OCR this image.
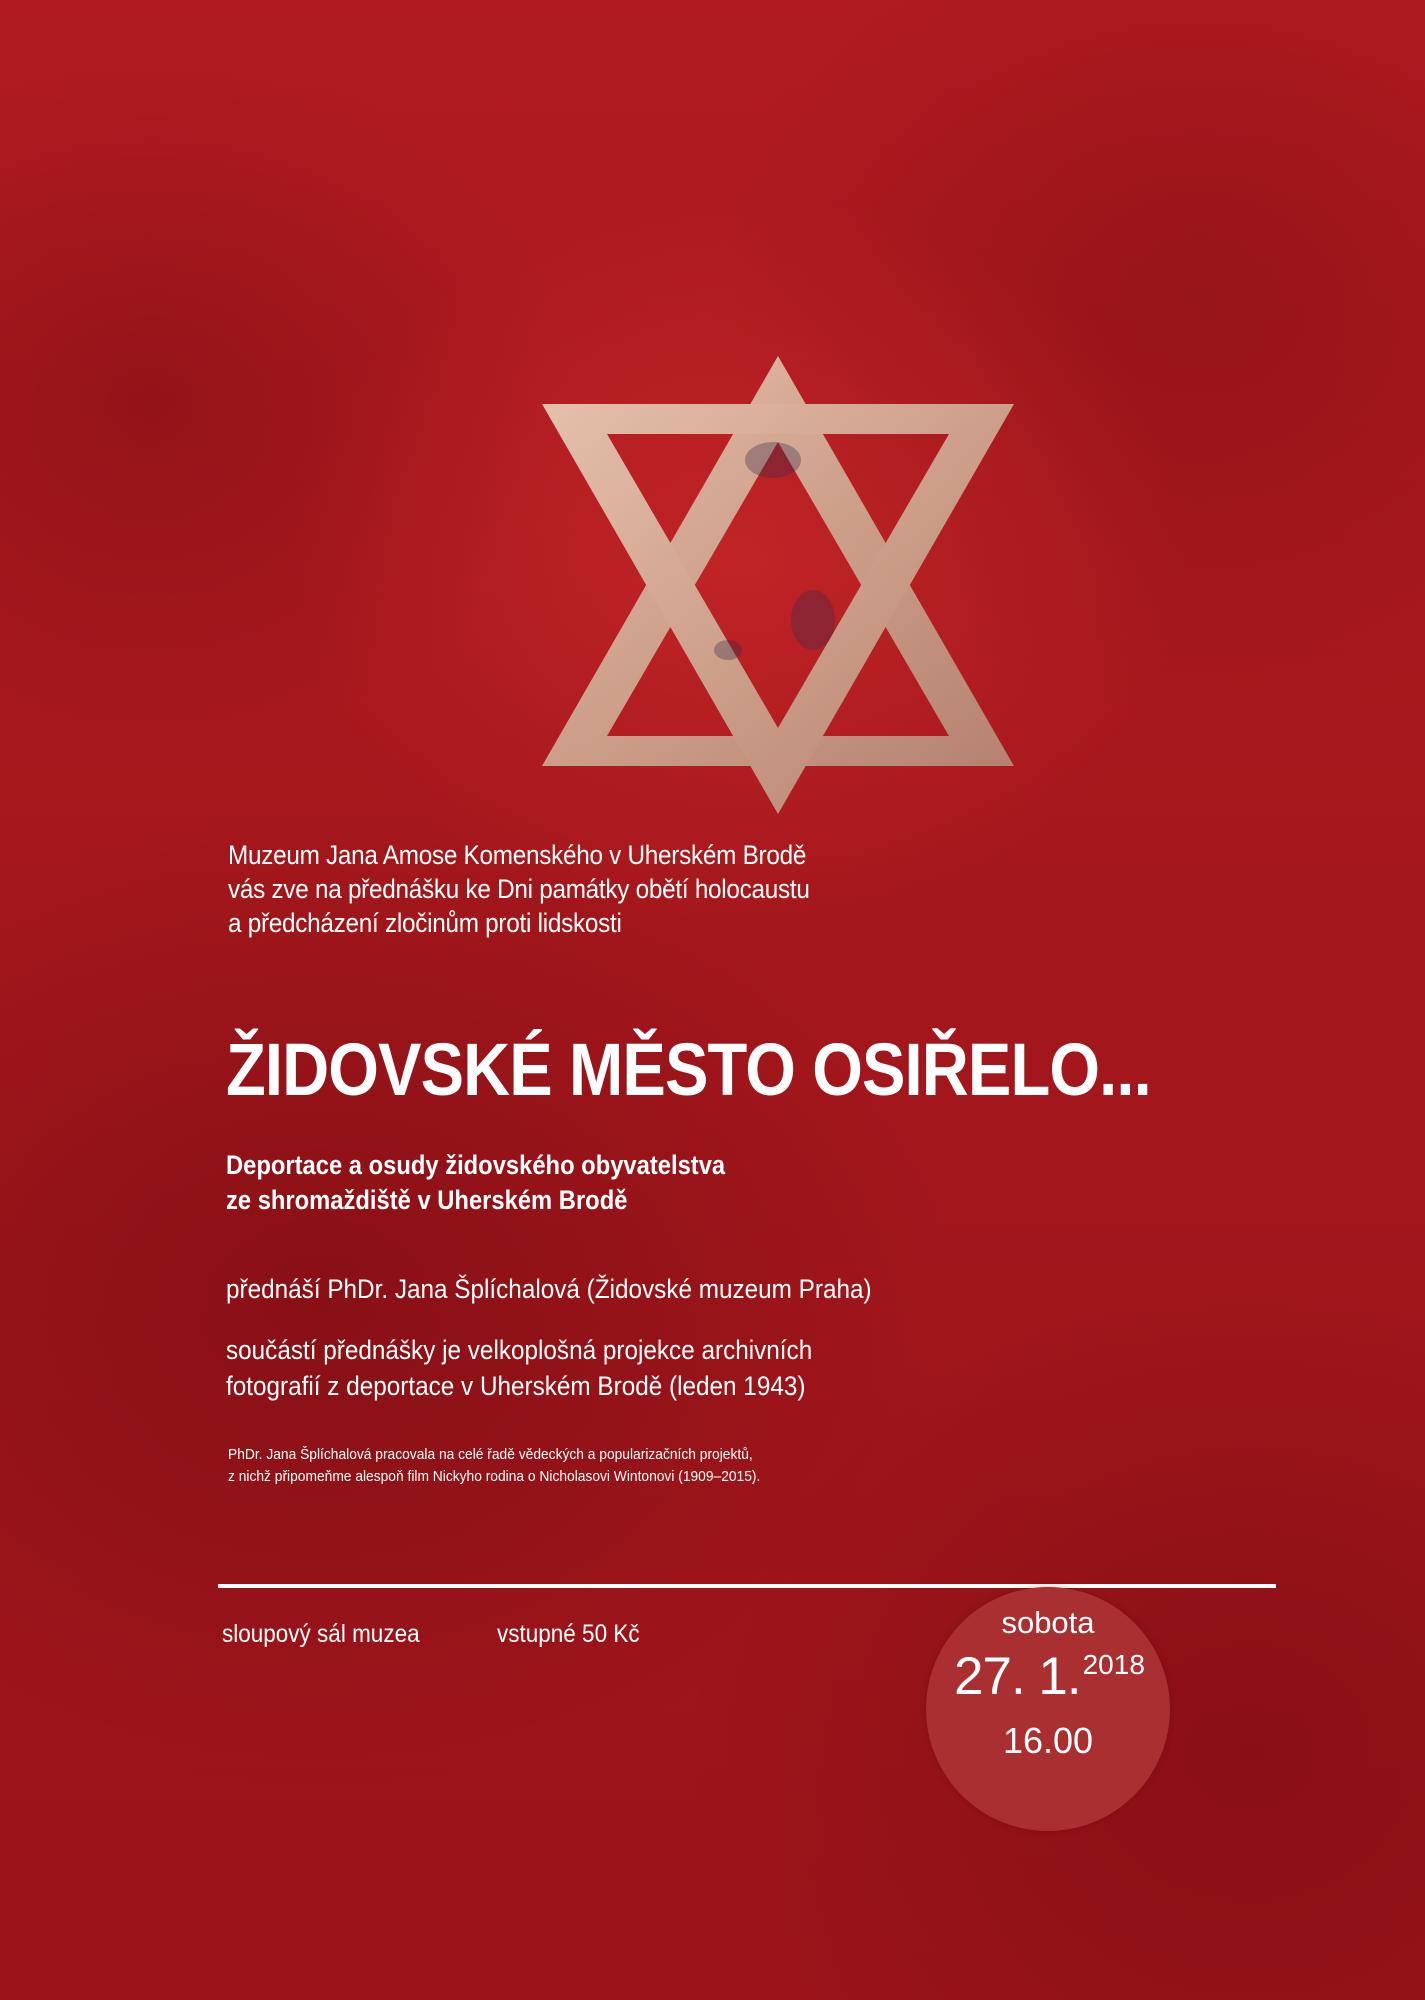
Muzeum Jana Amose Komenského v Uherském Brodě
vás zve na přednášku ke Dni památky obětí holocaustu
a předcházení zločinům proti lidskosti
ŽIDOVSKÉ MĚSTO OSIŘELO...
Deportace a osudy židovského obyvatelstva
ze shromaždiště v Uherském Brodě
přednáší PhDr. Jana Šplíchalová (Židovské muzeum Praha)
součástí přednášky je velkoplošná projekce archivních
fotografií z deportace v Uherském Brodě (leden 1943)
PhDr. Jana Šplíchalová pracovala na celé řadě vědeckých a popularizačních projektů,
z nichž připomeňme alespoň film Nickyho rodina o Nicholasovi Wintonovi (1909–2015).
sloupový sál muzea	vstupné 50 Kč	sobota
27. 1.2018
16.00
